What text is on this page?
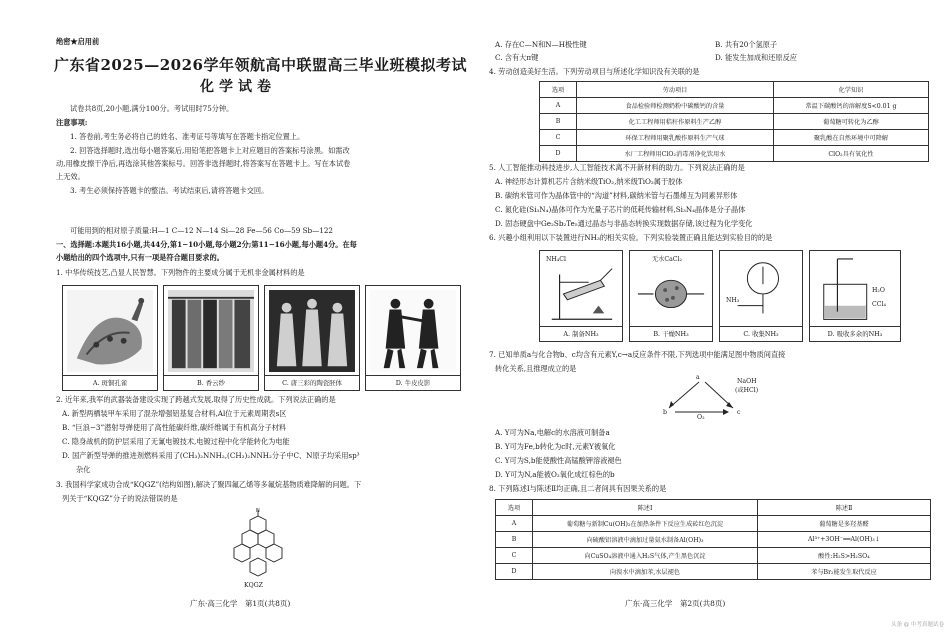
绝密★启用前
广东省2025—2026学年领航高中联盟高三毕业班模拟考试
化学试卷
试卷共8页,20小题,满分100分。考试用时75分钟。
注意事项:
1. 答卷前,考生务必将自己的姓名、准考证号等填写在答题卡指定位置上。
2. 回答选择题时,选出每小题答案后,用铅笔把答题卡上对应题目的答案标号涂黑。如需改
动,用橡皮擦干净后,再选涂其他答案标号。回答非选择题时,将答案写在答题卡上。写在本试卷
上无效。
3. 考生必须保持答题卡的整洁。考试结束后,请将答题卡交回。
可能用到的相对原子质量:H—1 C—12 N—14 Si—28 Fe—56 Co—59 Sb—122
一、选择题:本题共16小题,共44分,第1−10小题,每小题2分;第11−16小题,每小题4分。在每
小题给出的四个选项中,只有一项是符合题目要求的。
1. 中华传统技艺,凸显人民智慧。下列物件的主要成分属于无机非金属材料的是
A. 斑铜孔雀	B. 香云纱	C. 唐三彩的陶瓷胚体	D. 牛皮皮影
2. 近年来,我军的武器装备建设实现了跨越式发展,取得了历史性成就。下列说法正确的是
A. 新型两栖装甲车采用了混杂增强铝基复合材料,Al位于元素周期表s区
B. “巨浪−3”潜射导弹使用了高性能碳纤维,碳纤维属于有机高分子材料
C. 隐身战机的防护层采用了无氰电镀技术,电镀过程中化学能转化为电能
D. 国产新型导弹的推进剂燃料采用了(CH₃)₂NNH₂,(CH₃)₂NNH₂分子中C、N原子均采用sp³
杂化
3. 我国科学家成功合成“KQGZ”(结构如图),解决了聚四氟乙烯等多氟烷基物质难降解的问题。下
列关于“KQGZ”分子的说法错误的是
N
KQGZ
广东·高三化学　第1页(共8页)
A. 存在C—N和N—H极性键	B. 共有20个氢原子
C. 含有大π键	D. 能发生加成和还原反应
4. 劳动创造美好生活。下列劳动项目与所述化学知识没有关联的是
选项	劳动项目	化学知识
A	食品检验师检测奶粉中碳酸钙的含量	常温下碳酸钙的溶解度S<0.01 g
B	化工工程师用秸秆作原料生产乙醇	葡萄糖可转化为乙醇
C	环保工程师用聚乳酸作原料生产气球	聚乳酸在自然环境中可降解
D	水厂工程师用ClO₂消毒剂净化饮用水	ClO₂具有氧化性
5. 人工智能推动科技进步,人工智能技术离不开新材料的助力。下列说法正确的是
A. 神经形态计算机芯片含纳米级TiO₂,纳米级TiO₂属于胶体
B. 碳纳米管可作为晶体管中的“沟道”材料,碳纳米管与石墨烯互为同素异形体
C. 氮化硅(Si₃N₄)晶体可作为光量子芯片的低耗传输材料,Si₃N₄晶体是分子晶体
D. 固态硬盘中Ge₂Sb₂Te₅通过晶态与非晶态转换实现数据存储,该过程为化学变化
6. 兴趣小组利用以下装置进行NH₃的相关实验。下列实验装置正确且能达到实验目的的是
NH₄Cl
A. 制备NH₃
无水CaCl₂
B. 干燥NH₃
NH₃
C. 收集NH₃
H₂O
CCl₄
D. 吸收多余的NH₃
7. 已知单质a与化合物b、c均含有元素Y,c→a反应条件不限,下列选项中能满足图中物质间直接
转化关系,且推理成立的是
a
b	c
NaOH
(或HCl)
O₂
A. Y可为Na,电解c的水溶液可制备a
B. Y可为Fe,b转化为c时,元素Y被氧化
C. Y可为S,b能使酸性高锰酸钾溶液褪色
D. Y可为N,a能被O₂氧化成红棕色的b
8. 下列陈述Ⅰ与陈述Ⅱ均正确,且二者间具有因果关系的是
选项	陈述Ⅰ	陈述Ⅱ
A	葡萄糖与新制Cu(OH)₂在加热条件下反应生成砖红色沉淀	葡萄糖是多羟基醛
B	向硫酸铝溶液中滴加过量氨水制备Al(OH)₃	Al³⁺+3OH⁻══Al(OH)₃↓
C	向CuSO₄溶液中通入H₂S气体,产生黑色沉淀	酸性:H₂S>H₂SO₄
D	向溴水中滴加苯,水层褪色	苯与Br₂能发生取代反应
广东·高三化学　第2页(共8页)
头条 @ 中考真题试卷
